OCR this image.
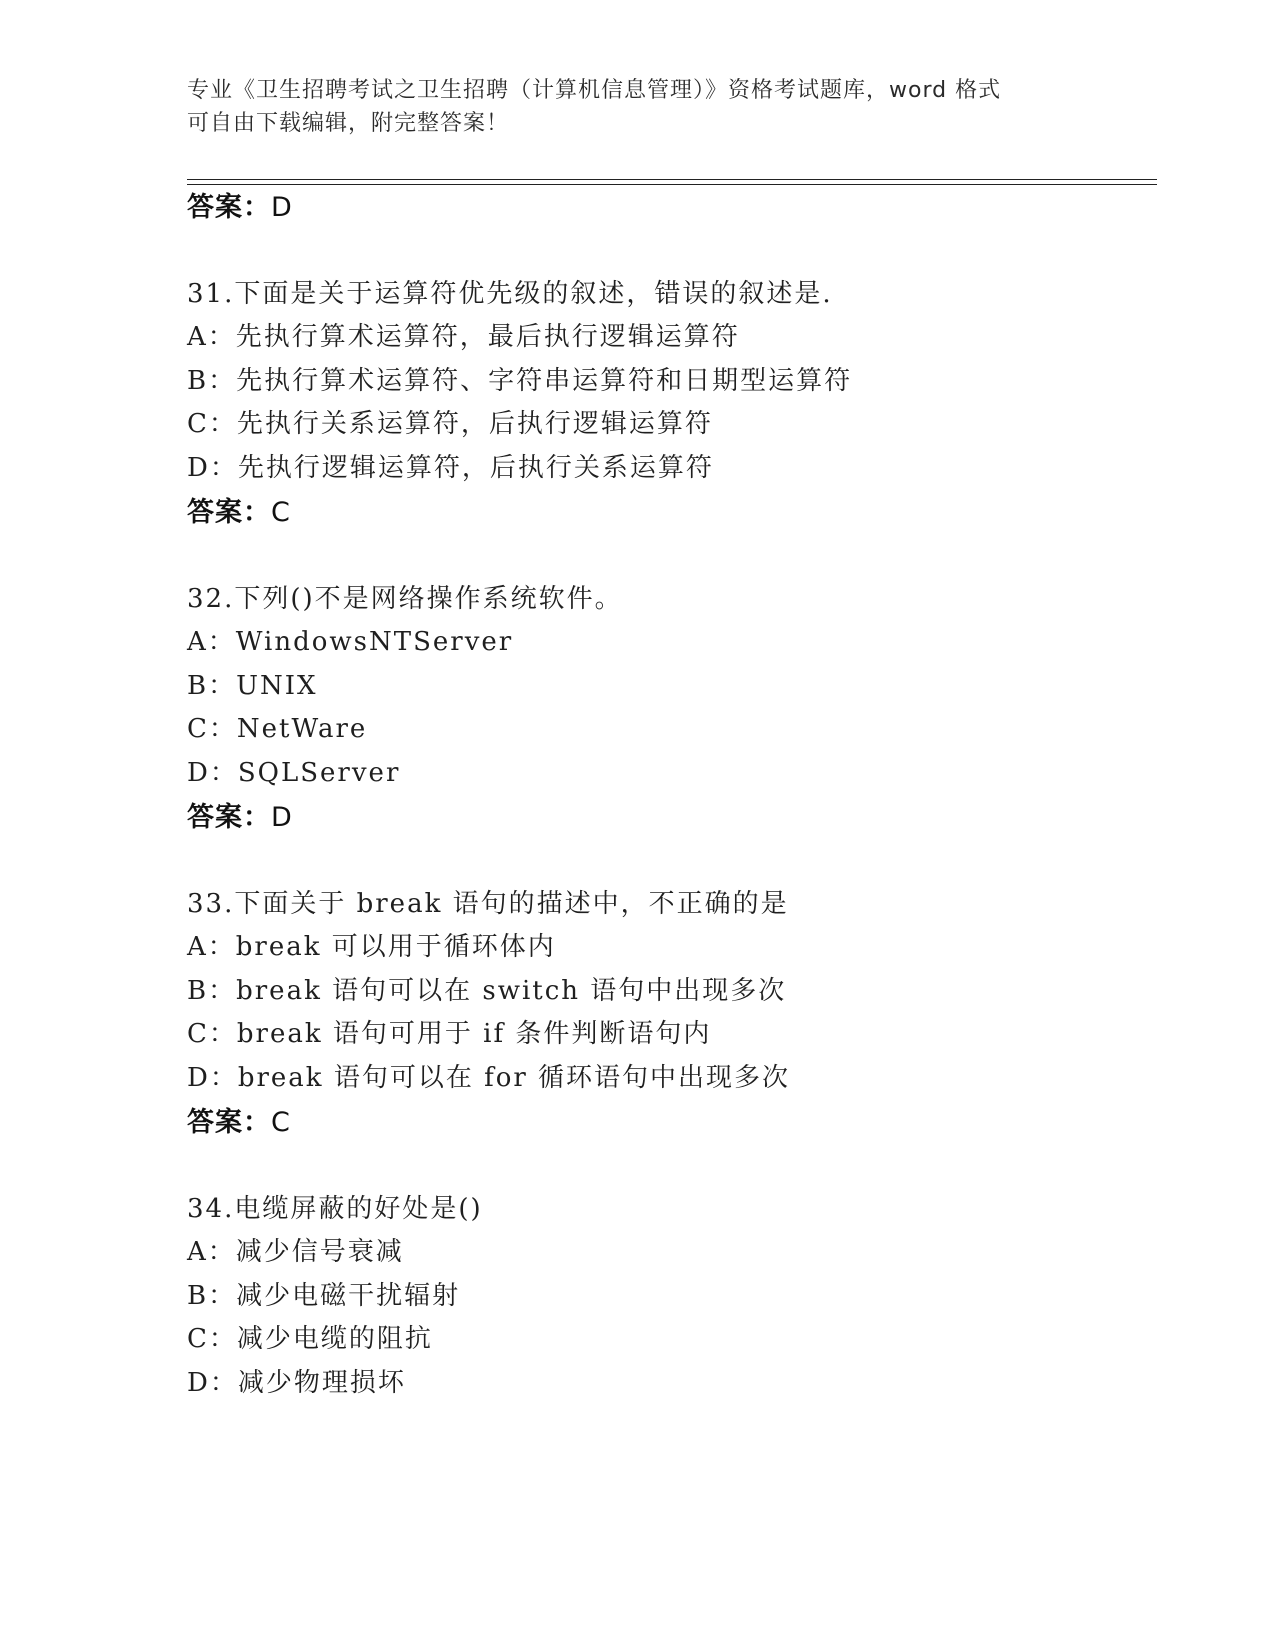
专业《卫生招聘考试之卫生招聘（计算机信息管理）》资格考试题库，word 格式
可自由下载编辑，附完整答案！
答案：D
31.下面是关于运算符优先级的叙述，错误的叙述是.
A：先执行算术运算符，最后执行逻辑运算符
B：先执行算术运算符、字符串运算符和日期型运算符
C：先执行关系运算符，后执行逻辑运算符
D：先执行逻辑运算符，后执行关系运算符
答案：C
32.下列()不是网络操作系统软件。
A：WindowsNTServer
B：UNIX
C：NetWare
D：SQLServer
答案：D
33.下面关于 break 语句的描述中，不正确的是
A：break 可以用于循环体内
B：break 语句可以在 switch 语句中出现多次
C：break 语句可用于 if 条件判断语句内
D：break 语句可以在 for 循环语句中出现多次
答案：C
34.电缆屏蔽的好处是()
A：减少信号衰减
B：减少电磁干扰辐射
C：减少电缆的阻抗
D：减少物理损坏
